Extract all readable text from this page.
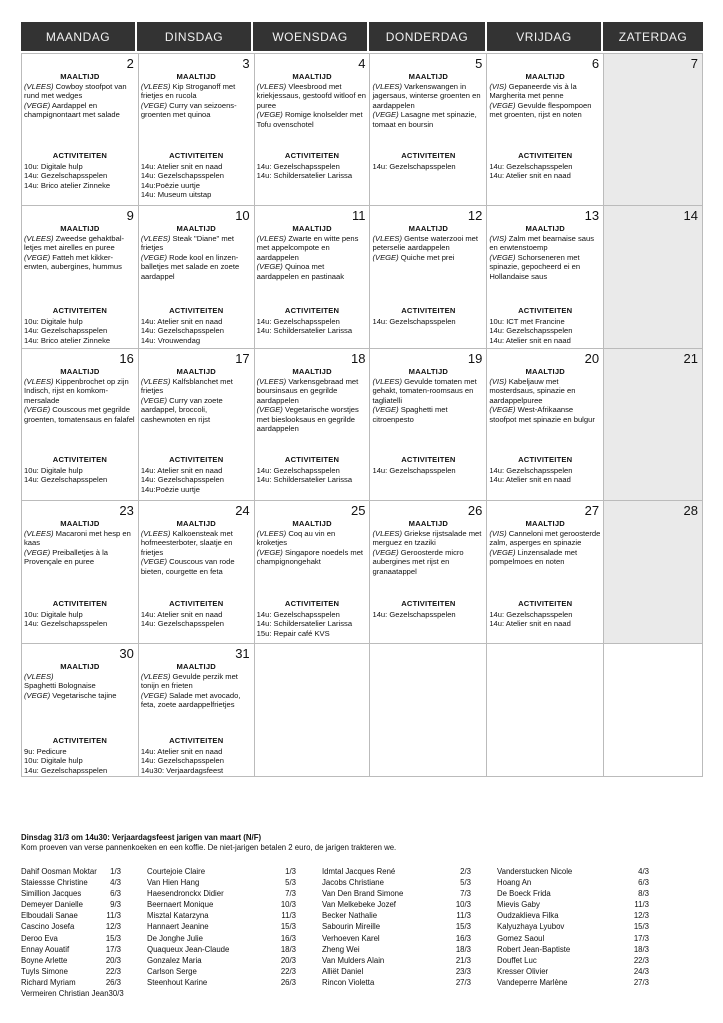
MAANDAG	DINSDAG	WOENSDAG	DONDERDAG	VRIJDAG	ZATERDAG
2
MAALTIJD
(VLEES) Cowboy stoofpot van rund met wedges
(VEGE) Aardappel en champignontaart met salade
ACTIVITEITEN
10u: Digitale hulp
14u: Gezelschapsspelen
14u: Brico atelier Zinneke
3
MAALTIJD
(VLEES) Kip Stroganoff met frietjes en rucola
(VEGE) Curry van seizoens-groenten met quinoa
ACTIVITEITEN
14u: Atelier snit en naad
14u: Gezelschapsspelen
14u:Poëzie uurtje
14u: Museum uitstap
4
MAALTIJD
(VLEES) Vleesbrood met kriekjessaus, gestoofd witloof en puree
(VEGE) Romige knolselder met Tofu ovenschotel
ACTIVITEITEN
14u: Gezelschapsspelen
14u: Schildersatelier Larissa
5
MAALTIJD
(VLEES) Varkenswangen in jagersaus, winterse groenten en aardappelen
(VEGE) Lasagne met spinazie, tomaat en boursin
ACTIVITEITEN
14u: Gezelschapsspelen
6
MAALTIJD
(VIS) Gepaneerde vis à la Margherita met penne
(VEGE) Gevulde flespompoen met groenten, rijst en noten
ACTIVITEITEN
14u: Gezelschapsspelen
14u: Atelier snit en naad
7
9
MAALTIJD
(VLEES) Zweedse gehaktbal-letjes met airelles en puree
(VEGE) Fatteh met kikker-erwten, aubergines, hummus
ACTIVITEITEN
10u: Digitale hulp
14u: Gezelschapsspelen
14u: Brico atelier Zinneke
10
MAALTIJD
(VLEES) Steak "Diane" met frietjes
(VEGE) Rode kool en linzen-balletjes met salade en zoete aardappel
ACTIVITEITEN
14u: Atelier snit en naad
14u: Gezelschapsspelen
14u: Vrouwendag
11
MAALTIJD
(VLEES) Zwarte en witte pens met appelcompote en aardappelen
(VEGE) Quinoa met aardappelen en pastinaak
ACTIVITEITEN
14u: Gezelschapsspelen
14u: Schildersatelier Larissa
12
MAALTIJD
(VLEES) Gentse waterzooi met peterselie aardappelen
(VEGE) Quiche met prei
ACTIVITEITEN
14u: Gezelschapsspelen
13
MAALTIJD
(VIS) Zalm met bearnaise saus en erwtenstoemp
(VEGE) Schorseneren met spinazie, gepocheerd ei en Hollandaise saus
ACTIVITEITEN
10u: ICT met Francine
14u: Gezelschapsspelen
14u: Atelier snit en naad
14
16
MAALTIJD
(VLEES) Kippenbrochet op zijn Indisch, rijst en komkom-mersalade
(VEGE) Couscous met gegrilde groenten, tomatensaus en falafel
ACTIVITEITEN
10u: Digitale hulp
14u: Gezelschapsspelen
17
MAALTIJD
(VLEES) Kalfsblanchet met frietjes
(VEGE) Curry van zoete aardappel, broccoli, cashewnoten en rijst
ACTIVITEITEN
14u: Atelier snit en naad
14u: Gezelschapsspelen
14u:Poëzie uurtje
18
MAALTIJD
(VLEES) Varkensgebraad met boursinsaus en gegrilde aardappelen
(VEGE) Vegetarische worstjes met bieslooksaus en gegrilde aardappelen
ACTIVITEITEN
14u: Gezelschapsspelen
14u: Schildersatelier Larissa
19
MAALTIJD
(VLEES) Gevulde tomaten met gehakt, tomaten-roomsaus en tagliatelli
(VEGE) Spaghetti met citroenpesto
ACTIVITEITEN
14u: Gezelschapsspelen
20
MAALTIJD
(VIS) Kabeljauw met mosterdsaus, spinazie en aardappelpuree
(VEGE) West-Afrikaanse stoofpot met spinazie en bulgur
ACTIVITEITEN
14u: Gezelschapsspelen
14u: Atelier snit en naad
21
23
MAALTIJD
(VLEES) Macaroni met hesp en kaas
(VEGE) Preiballetjes à la Provençale en puree
ACTIVITEITEN
10u: Digitale hulp
14u: Gezelschapsspelen
24
MAALTIJD
(VLEES) Kalkoensteak met hofmeesterboter, slaatje en frietjes
(VEGE) Couscous van rode bieten, courgette en feta
ACTIVITEITEN
14u: Atelier snit en naad
14u: Gezelschapsspelen
25
MAALTIJD
(VLEES) Coq au vin en kroketjes
(VEGE) Singapore noedels met champignongehakt
ACTIVITEITEN
14u: Gezelschapsspelen
14u: Schildersatelier Larissa
15u: Repair café KVS
26
MAALTIJD
(VLEES) Griekse rijstsalade met merguez en tzaziki
(VEGE) Geroosterde micro aubergines met rijst en granaatappel
ACTIVITEITEN
14u: Gezelschapsspelen
27
MAALTIJD
(VIS) Canneloni met geroosterde zalm, asperges en spinazie
(VEGE) Linzensalade met pompelmoes en noten
ACTIVITEITEN
14u: Gezelschapsspelen
14u: Atelier snit en naad
28
30
MAALTIJD
(VLEES)
Spaghetti Bolognaise
(VEGE) Vegetarische tajine
ACTIVITEITEN
9u: Pedicure
10u: Digitale hulp
14u: Gezelschapsspelen
31
MAALTIJD
(VLEES) Gevulde perzik met tonijn en frieten
(VEGE) Salade met avocado, feta, zoete aardappelfrietjes
ACTIVITEITEN
14u: Atelier snit en naad
14u: Gezelschapsspelen
14u30: Verjaardagsfeest
Dinsdag 31/3 om 14u30: Verjaardagsfeest jarigen van maart (N/F)
Kom proeven van verse pannenkoeken en een koffie. De niet-jarigen betalen 2 euro, de jarigen trakteren we.
Dahif Oosman Moktar 1/3
Staiessse Christine	4/3
Simillion Jacques	6/3
Demeyer Danielle	9/3
Elboudali Sanae	11/3
Cascino Josefa	12/3
Deroo Eva	15/3
Ennay Aouatif	17/3
Boyne Arlette	20/3
Tuyls Simone	22/3
Richard Myriam	26/3
Vermeiren Christian Jean 30/3
Courtejoie Claire	1/3
Van Hien Hang	5/3
Haesendronckx Didier	7/3
Beernaert Monique	10/3
Misztal Katarzyna	11/3
Hannaert Jeanine	15/3
De Jonghe Julie	16/3
Quaqueux Jean-Claude	18/3
Gonzalez Maria	20/3
Carlson Serge	22/3
Steenhout Karine	26/3
Idmtal Jacques René	2/3
Jacobs Christiane	5/3
Van Den Brand Simone	7/3
Van Melkebeke Jozef	10/3
Becker Nathalie	11/3
Sabourin Mireille	15/3
Verhoeven Karel	16/3
Zheng Wei	18/3
Van Mulders Alain	21/3
Alliët Daniel	23/3
Rincon Violetta	27/3
Vanderstucken Nicole	4/3
Hoang An	6/3
De Boeck Frida	8/3
Mievis Gaby	11/3
Oudzaklieva Filka	12/3
Kalyuzhaya Lyubov	15/3
Gomez Saoul	17/3
Robert Jean-Baptiste	18/3
Douffet Luc	22/3
Kresser Olivier	24/3
Vandeperre Marlène	27/3
